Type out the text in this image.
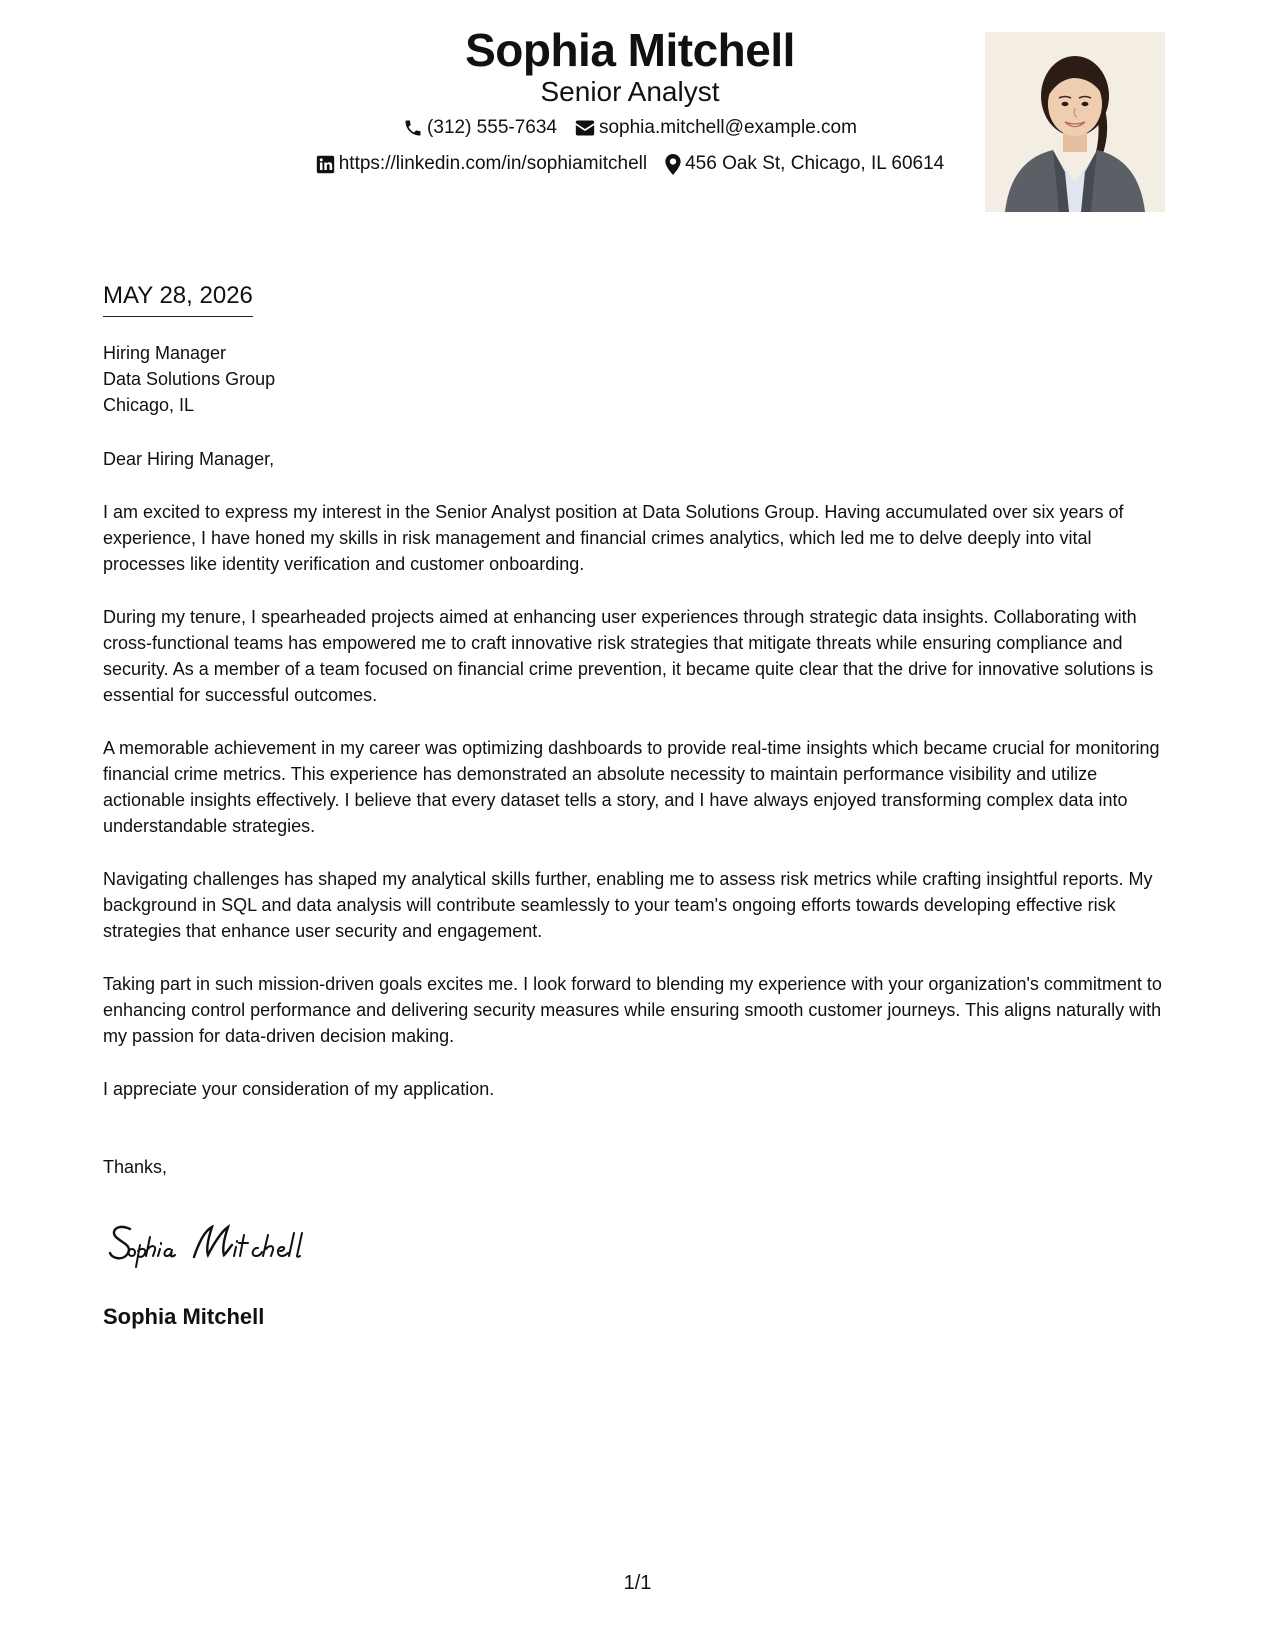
Sophia Mitchell
Senior Analyst
(312) 555-7634 sophia.mitchell@example.com
https://linkedin.com/in/sophiamitchell 456 Oak St, Chicago, IL 60614
MAY 28, 2026
Hiring Manager
Data Solutions Group
Chicago, IL
Dear Hiring Manager,
I am excited to express my interest in the Senior Analyst position at Data Solutions Group. Having accumulated over six years of experience, I have honed my skills in risk management and financial crimes analytics, which led me to delve deeply into vital processes like identity verification and customer onboarding.
During my tenure, I spearheaded projects aimed at enhancing user experiences through strategic data insights. Collaborating with cross-functional teams has empowered me to craft innovative risk strategies that mitigate threats while ensuring compliance and security. As a member of a team focused on financial crime prevention, it became quite clear that the drive for innovative solutions is essential for successful outcomes.
A memorable achievement in my career was optimizing dashboards to provide real-time insights which became crucial for monitoring financial crime metrics. This experience has demonstrated an absolute necessity to maintain performance visibility and utilize actionable insights effectively. I believe that every dataset tells a story, and I have always enjoyed transforming complex data into understandable strategies.
Navigating challenges has shaped my analytical skills further, enabling me to assess risk metrics while crafting insightful reports. My background in SQL and data analysis will contribute seamlessly to your team's ongoing efforts towards developing effective risk strategies that enhance user security and engagement.
Taking part in such mission-driven goals excites me. I look forward to blending my experience with your organization's commitment to enhancing control performance and delivering security measures while ensuring smooth customer journeys. This aligns naturally with my passion for data-driven decision making.
I appreciate your consideration of my application.
Thanks,
Sophia Mitchell
1/1
